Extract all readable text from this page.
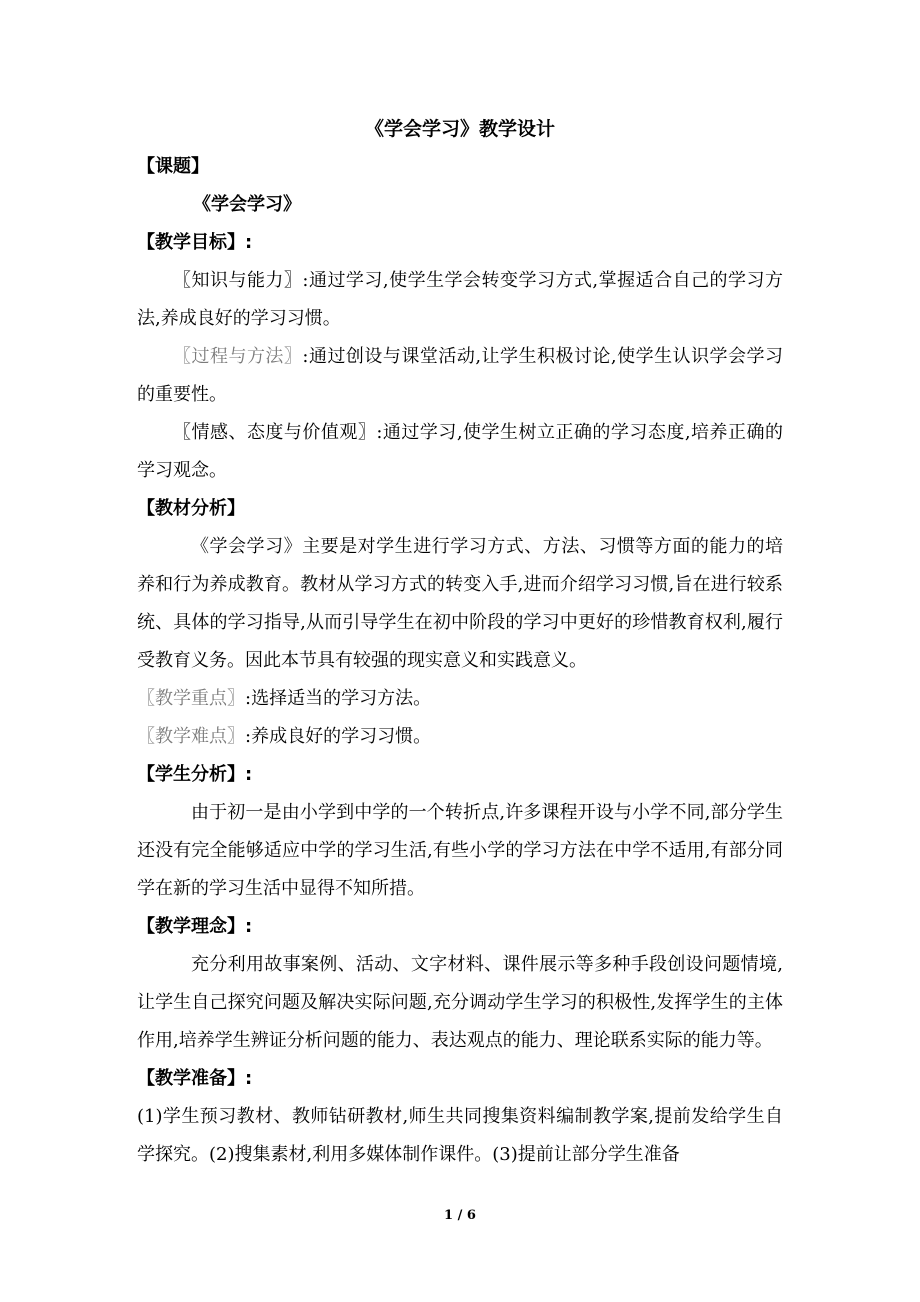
《学会学习》教学设计
【课题】
《学会学习》
【教学目标】:

〖知识与能力〗:通过学习,使学生学会转变学习方式,掌握适合自己的学习方法,养成良好的学习习惯。

〖过程与方法〗:通过创设与课堂活动,让学生积极讨论,使学生认识学会学习的重要性。

〖情感、态度与价值观〗:通过学习,使学生树立正确的学习态度,培养正确的学习观念。

【教材分析】

《学会学习》主要是对学生进行学习方式、方法、习惯等方面的能力的培养和行为养成教育。教材从学习方式的转变入手,进而介绍学习习惯,旨在进行较系统、具体的学习指导,从而引导学生在初中阶段的学习中更好的珍惜教育权利,履行受教育义务。因此本节具有较强的现实意义和实践意义。

〖教学重点〗:选择适当的学习方法。

〖教学难点〗:养成良好的学习习惯。

【学生分析】:

由于初一是由小学到中学的一个转折点,许多课程开设与小学不同,部分学生还没有完全能够适应中学的学习生活,有些小学的学习方法在中学不适用,有部分同学在新的学习生活中显得不知所措。

【教学理念】:

充分利用故事案例、活动、文字材料、课件展示等多种手段创设问题情境,让学生自己探究问题及解决实际问题,充分调动学生学习的积极性,发挥学生的主体作用,培养学生辨证分析问题的能力、表达观点的能力、理论联系实际的能力等。

【教学准备】:

(1)学生预习教材、教师钻研教材,师生共同搜集资料编制教学案,提前发给学生自学探究。(2)搜集素材,利用多媒体制作课件。(3)提前让部分学生准备

1 / 6
